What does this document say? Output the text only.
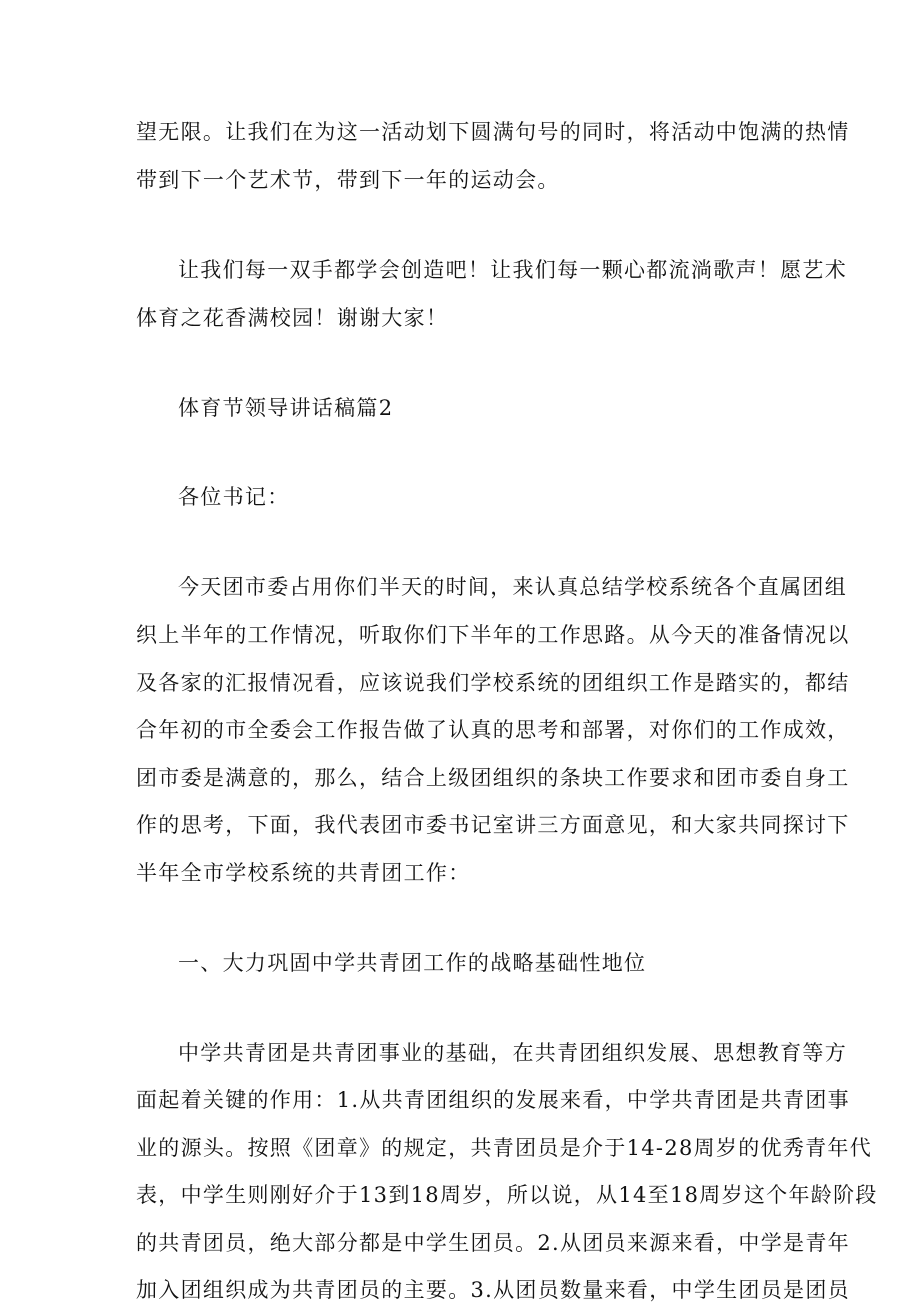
望无限。让我们在为这一活动划下圆满句号的同时，将活动中饱满的热情
带到下一个艺术节，带到下一年的运动会。
让我们每一双手都学会创造吧！让我们每一颗心都流淌歌声！愿艺术
体育之花香满校园！谢谢大家！
体育节领导讲话稿篇2
各位书记：
今天团市委占用你们半天的时间，来认真总结学校系统各个直属团组
织上半年的工作情况，听取你们下半年的工作思路。从今天的准备情况以
及各家的汇报情况看，应该说我们学校系统的团组织工作是踏实的，都结
合年初的市全委会工作报告做了认真的思考和部署，对你们的工作成效，
团市委是满意的，那么，结合上级团组织的条块工作要求和团市委自身工
作的思考，下面，我代表团市委书记室讲三方面意见，和大家共同探讨下
半年全市学校系统的共青团工作：
一、大力巩固中学共青团工作的战略基础性地位
中学共青团是共青团事业的基础，在共青团组织发展、思想教育等方
面起着关键的作用：1.从共青团组织的发展来看，中学共青团是共青团事
业的源头。按照《团章》的规定，共青团员是介于14-28周岁的优秀青年代
表，中学生则刚好介于13到18周岁，所以说，从14至18周岁这个年龄阶段
的共青团员，绝大部分都是中学生团员。2.从团员来源来看，中学是青年
加入团组织成为共青团员的主要。3.从团员数量来看，中学生团员是团员
